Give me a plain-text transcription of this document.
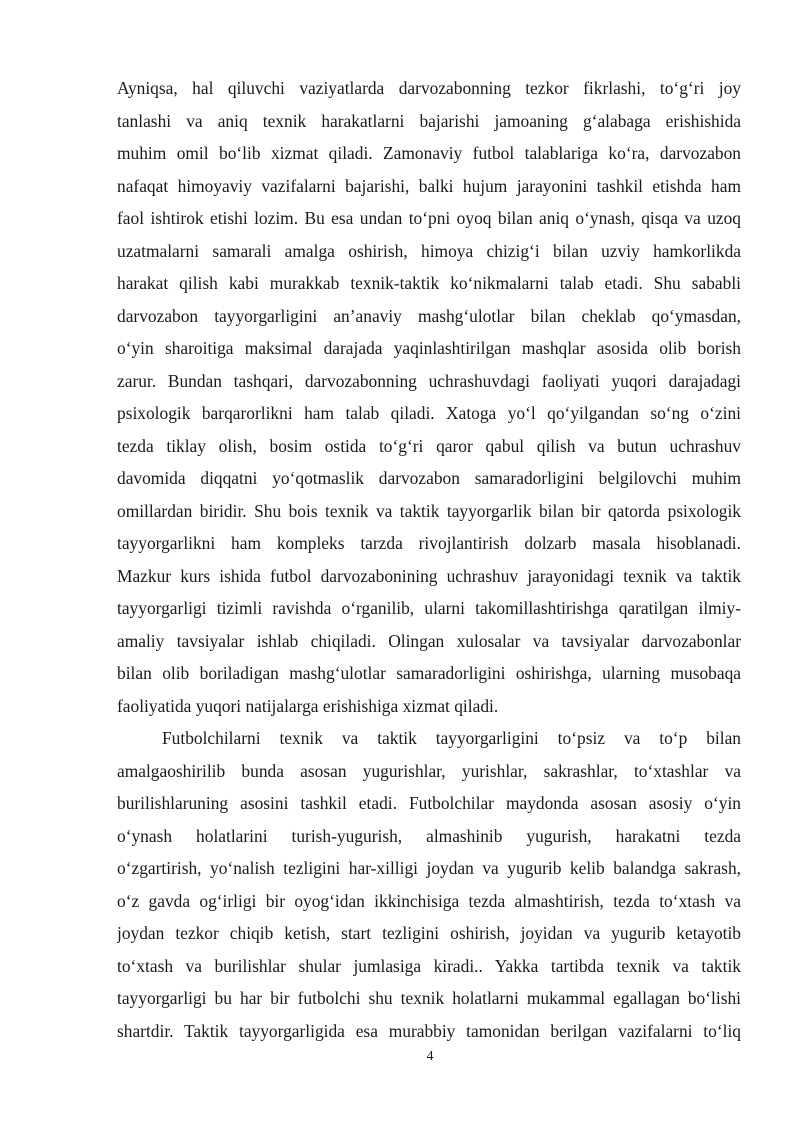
Ayniqsa, hal qiluvchi vaziyatlarda darvozabonning tezkor fikrlashi, to‘g‘ri joy
tanlashi va aniq texnik harakatlarni bajarishi jamoaning g‘alabaga erishishida
muhim omil bo‘lib xizmat qiladi. Zamonaviy futbol talablariga ko‘ra, darvozabon
nafaqat himoyaviy vazifalarni bajarishi, balki hujum jarayonini tashkil etishda ham
faol ishtirok etishi lozim. Bu esa undan to‘pni oyoq bilan aniq o‘ynash, qisqa va uzoq
uzatmalarni samarali amalga oshirish, himoya chizig‘i bilan uzviy hamkorlikda
harakat qilish kabi murakkab texnik-taktik ko‘nikmalarni talab etadi. Shu sababli
darvozabon tayyorgarligini an’anaviy mashg‘ulotlar bilan cheklab qo‘ymasdan,
o‘yin sharoitiga maksimal darajada yaqinlashtirilgan mashqlar asosida olib borish
zarur. Bundan tashqari, darvozabonning uchrashuvdagi faoliyati yuqori darajadagi
psixologik barqarorlikni ham talab qiladi. Xatoga yo‘l qo‘yilgandan so‘ng o‘zini
tezda tiklay olish, bosim ostida to‘g‘ri qaror qabul qilish va butun uchrashuv
davomida diqqatni yo‘qotmaslik darvozabon samaradorligini belgilovchi muhim
omillardan biridir. Shu bois texnik va taktik tayyorgarlik bilan bir qatorda psixologik
tayyorgarlikni ham kompleks tarzda rivojlantirish dolzarb masala hisoblanadi.
Mazkur kurs ishida futbol darvozabonining uchrashuv jarayonidagi texnik va taktik
tayyorgarligi tizimli ravishda o‘rganilib, ularni takomillashtirishga qaratilgan ilmiy-
amaliy tavsiyalar ishlab chiqiladi. Olingan xulosalar va tavsiyalar darvozabonlar
bilan olib boriladigan mashg‘ulotlar samaradorligini oshirishga, ularning musobaqa
faoliyatida yuqori natijalarga erishishiga xizmat qiladi.
Futbolchilarni texnik va taktik tayyorgarligini to‘psiz va to‘p bilan
amalgaoshirilib bunda asosan yugurishlar, yurishlar, sakrashlar, to‘xtashlar va
burilishlaruning asosini tashkil etadi. Futbolchilar maydonda asosan asosiy o‘yin
o‘ynash holatlarini turish-yugurish, almashinib yugurish, harakatni tezda
o‘zgartirish, yo‘nalish tezligini har-xilligi joydan va yugurib kelib balandga sakrash,
o‘z gavda og‘irligi bir oyog‘idan ikkinchisiga tezda almashtirish, tezda to‘xtash va
joydan tezkor chiqib ketish, start tezligini oshirish, joyidan va yugurib ketayotib
to‘xtash va burilishlar shular jumlasiga kiradi.. Yakka tartibda texnik va taktik
tayyorgarligi bu har bir futbolchi shu texnik holatlarni mukammal egallagan bo‘lishi
shartdir. Taktik tayyorgarligida esa murabbiy tamonidan berilgan vazifalarni to‘liq
4
